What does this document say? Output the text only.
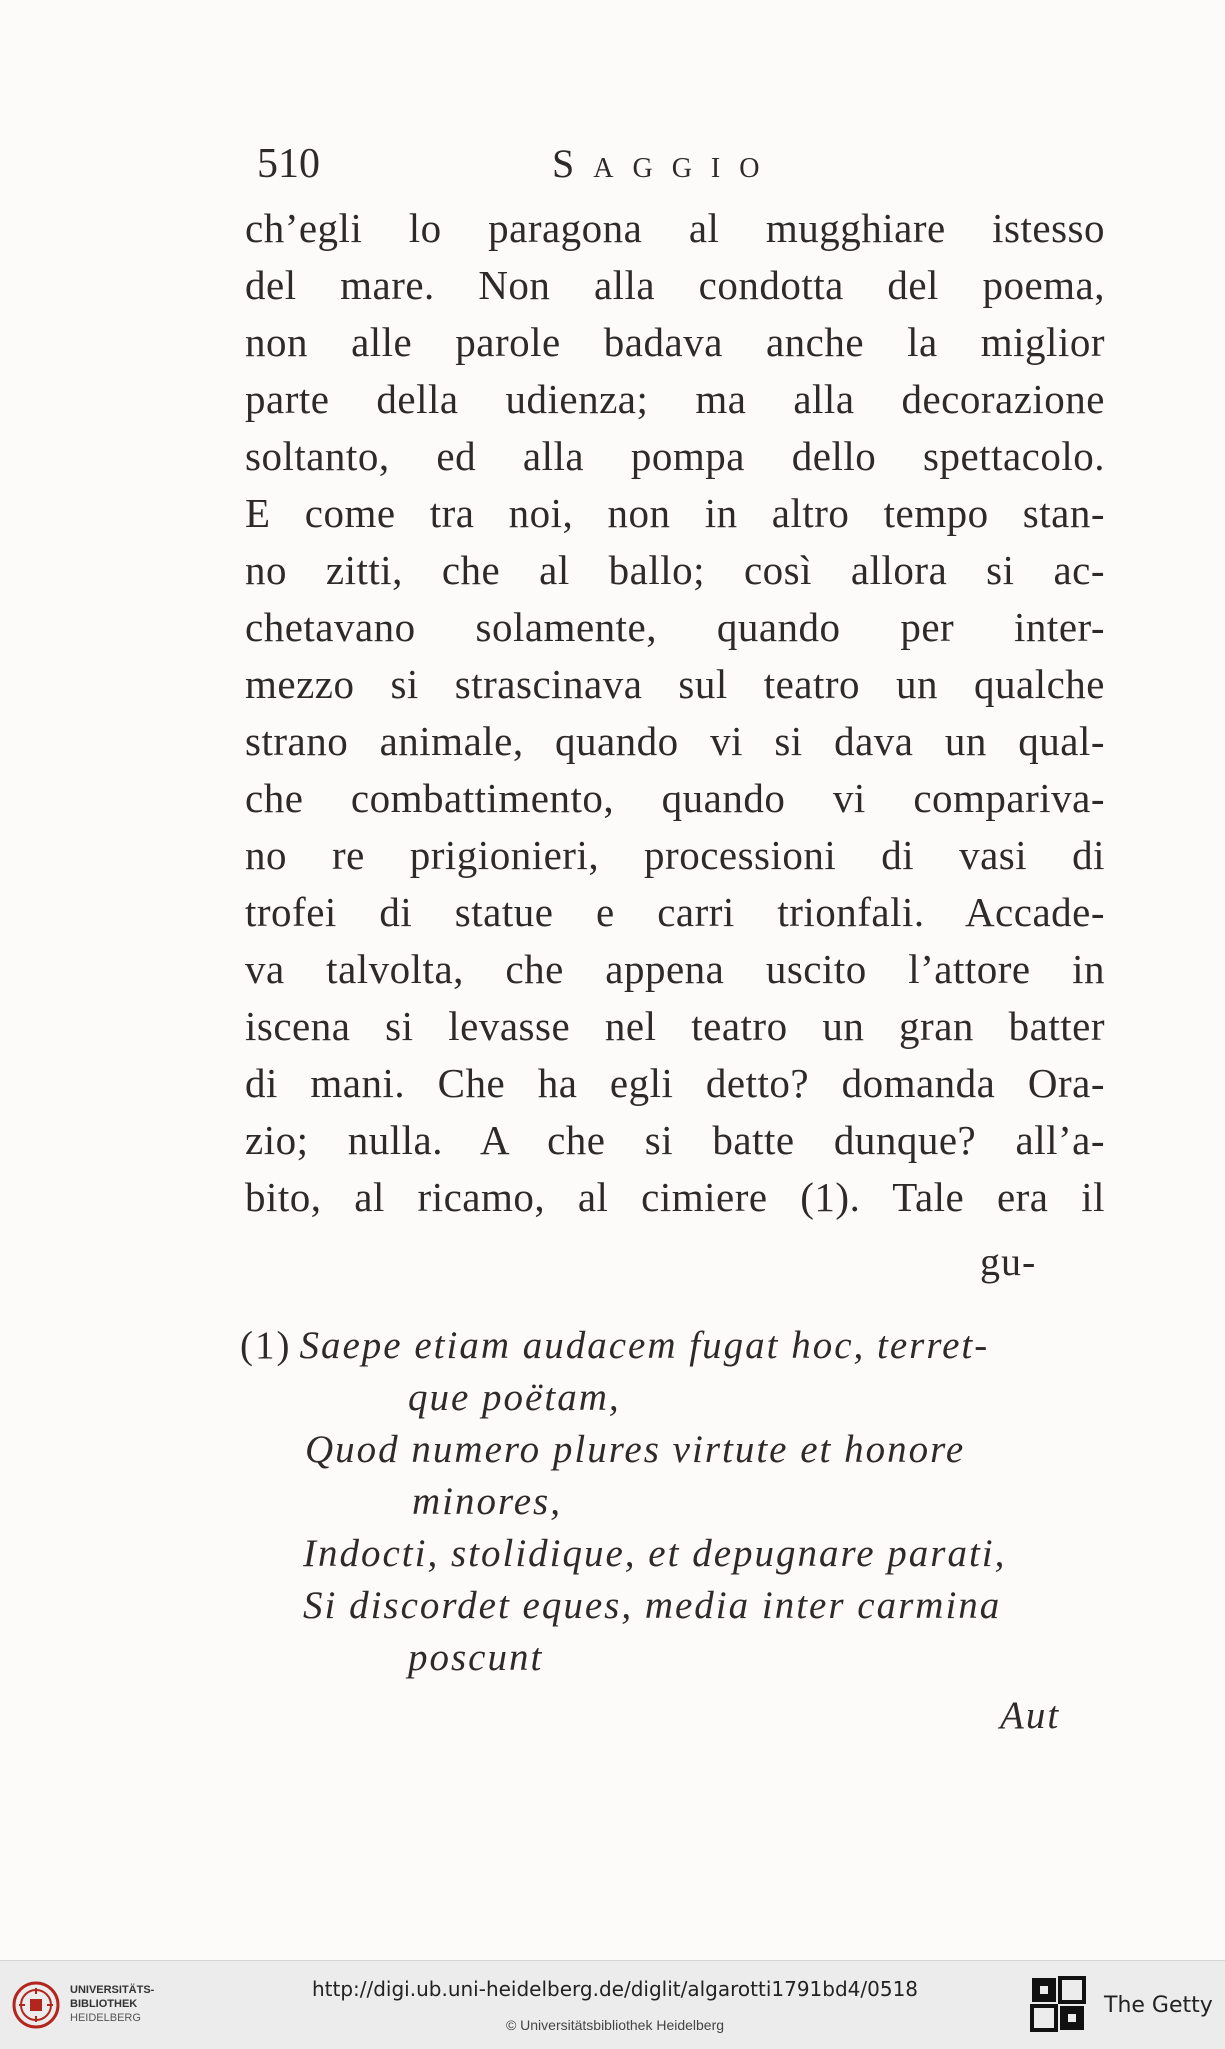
510	Saggio

ch’egli lo paragona al mugghiare istesso

del mare. Non alla condotta del poema,

non alle parole badava anche la miglior

parte della udienza; ma alla decorazione

soltanto, ed alla pompa dello spettacolo.

E come tra noi, non in altro tempo stan-

no zitti, che al ballo; così allora si ac-

chetavano solamente, quando per inter-

mezzo si strascinava sul teatro un qualche

strano animale, quando vi si dava un qual-

che combattimento, quando vi compariva-

no re prigionieri, processioni di vasi di

trofei di statue e carri trionfali. Accade-

va talvolta, che appena uscito l’attore in

iscena si levasse nel teatro un gran batter

di mani. Che ha egli detto? domanda Ora-

zio; nulla. A che si batte dunque? all’a-

bito, al ricamo, al cimiere (1). Tale era il

gu-

(1) Saepe etiam audacem fugat hoc, terret-

que poëtam,

Quod numero plures virtute et honore

minores,

Indocti, stolidique, et depugnare parati,

Si discordet eques, media inter carmina

poscunt

Aut

UNIVERSITÄTS-
BIBLIOTHEK
HEIDELBERG
http://digi.ub.uni-heidelberg.de/diglit/algarotti1791bd4/0518
© Universitätsbibliothek Heidelberg
The Getty
